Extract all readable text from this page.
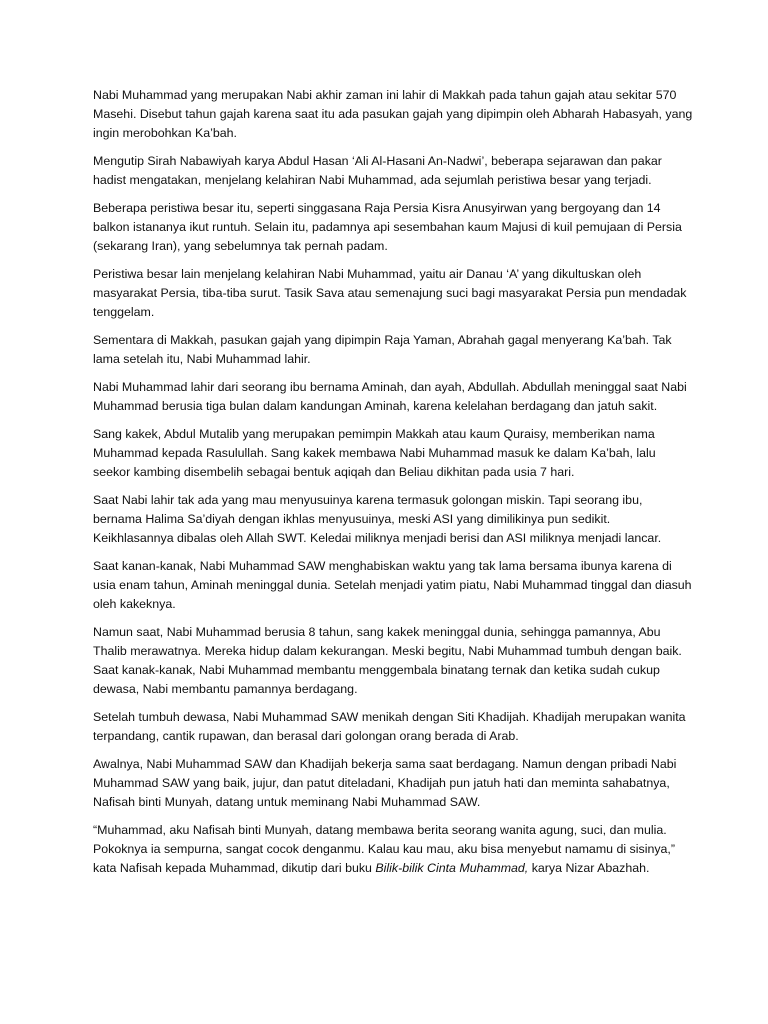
Nabi Muhammad yang merupakan Nabi akhir zaman ini lahir di Makkah pada tahun gajah atau sekitar 570 Masehi. Disebut tahun gajah karena saat itu ada pasukan gajah yang dipimpin oleh Abharah Habasyah, yang ingin merobohkan Ka’bah.

Mengutip Sirah Nabawiyah karya Abdul Hasan ‘Ali Al-Hasani An-Nadwi’, beberapa sejarawan dan pakar hadist mengatakan, menjelang kelahiran Nabi Muhammad, ada sejumlah peristiwa besar yang terjadi.

Beberapa peristiwa besar itu, seperti singgasana Raja Persia Kisra Anusyirwan yang bergoyang dan 14 balkon istananya ikut runtuh. Selain itu, padamnya api sesembahan kaum Majusi di kuil pemujaan di Persia (sekarang Iran), yang sebelumnya tak pernah padam.

Peristiwa besar lain menjelang kelahiran Nabi Muhammad, yaitu air Danau ‘A’ yang dikultuskan oleh masyarakat Persia, tiba-tiba surut. Tasik Sava atau semenajung suci bagi masyarakat Persia pun mendadak tenggelam.

Sementara di Makkah, pasukan gajah yang dipimpin Raja Yaman, Abrahah gagal menyerang Ka’bah. Tak lama setelah itu, Nabi Muhammad lahir.

Nabi Muhammad lahir dari seorang ibu bernama Aminah, dan ayah, Abdullah. Abdullah meninggal saat Nabi Muhammad berusia tiga bulan dalam kandungan Aminah, karena kelelahan berdagang dan jatuh sakit.

Sang kakek, Abdul Mutalib yang merupakan pemimpin Makkah atau kaum Quraisy, memberikan nama Muhammad kepada Rasulullah. Sang kakek membawa Nabi Muhammad masuk ke dalam Ka’bah, lalu seekor kambing disembelih sebagai bentuk aqiqah dan Beliau dikhitan pada usia 7 hari.

Saat Nabi lahir tak ada yang mau menyusuinya karena termasuk golongan miskin. Tapi seorang ibu, bernama Halima Sa’diyah dengan ikhlas menyusuinya, meski ASI yang dimilikinya pun sedikit. Keikhlasannya dibalas oleh Allah SWT. Keledai miliknya menjadi berisi dan ASI miliknya menjadi lancar.

Saat kanan-kanak, Nabi Muhammad SAW menghabiskan waktu yang tak lama bersama ibunya karena di usia enam tahun, Aminah meninggal dunia. Setelah menjadi yatim piatu, Nabi Muhammad tinggal dan diasuh oleh kakeknya.

Namun saat, Nabi Muhammad berusia 8 tahun, sang kakek meninggal dunia, sehingga pamannya, Abu Thalib merawatnya. Mereka hidup dalam kekurangan. Meski begitu, Nabi Muhammad tumbuh dengan baik. Saat kanak-kanak, Nabi Muhammad membantu menggembala binatang ternak dan ketika sudah cukup dewasa, Nabi membantu pamannya berdagang.

Setelah tumbuh dewasa, Nabi Muhammad SAW menikah dengan Siti Khadijah. Khadijah merupakan wanita terpandang, cantik rupawan, dan berasal dari golongan orang berada di Arab.

Awalnya, Nabi Muhammad SAW dan Khadijah bekerja sama saat berdagang. Namun dengan pribadi Nabi Muhammad SAW yang baik, jujur, dan patut diteladani, Khadijah pun jatuh hati dan meminta sahabatnya, Nafisah binti Munyah, datang untuk meminang Nabi Muhammad SAW.

“Muhammad, aku Nafisah binti Munyah, datang membawa berita seorang wanita agung, suci, dan mulia. Pokoknya ia sempurna, sangat cocok denganmu. Kalau kau mau, aku bisa menyebut namamu di sisinya,” kata Nafisah kepada Muhammad, dikutip dari buku Bilik-bilik Cinta Muhammad, karya Nizar Abazhah.
